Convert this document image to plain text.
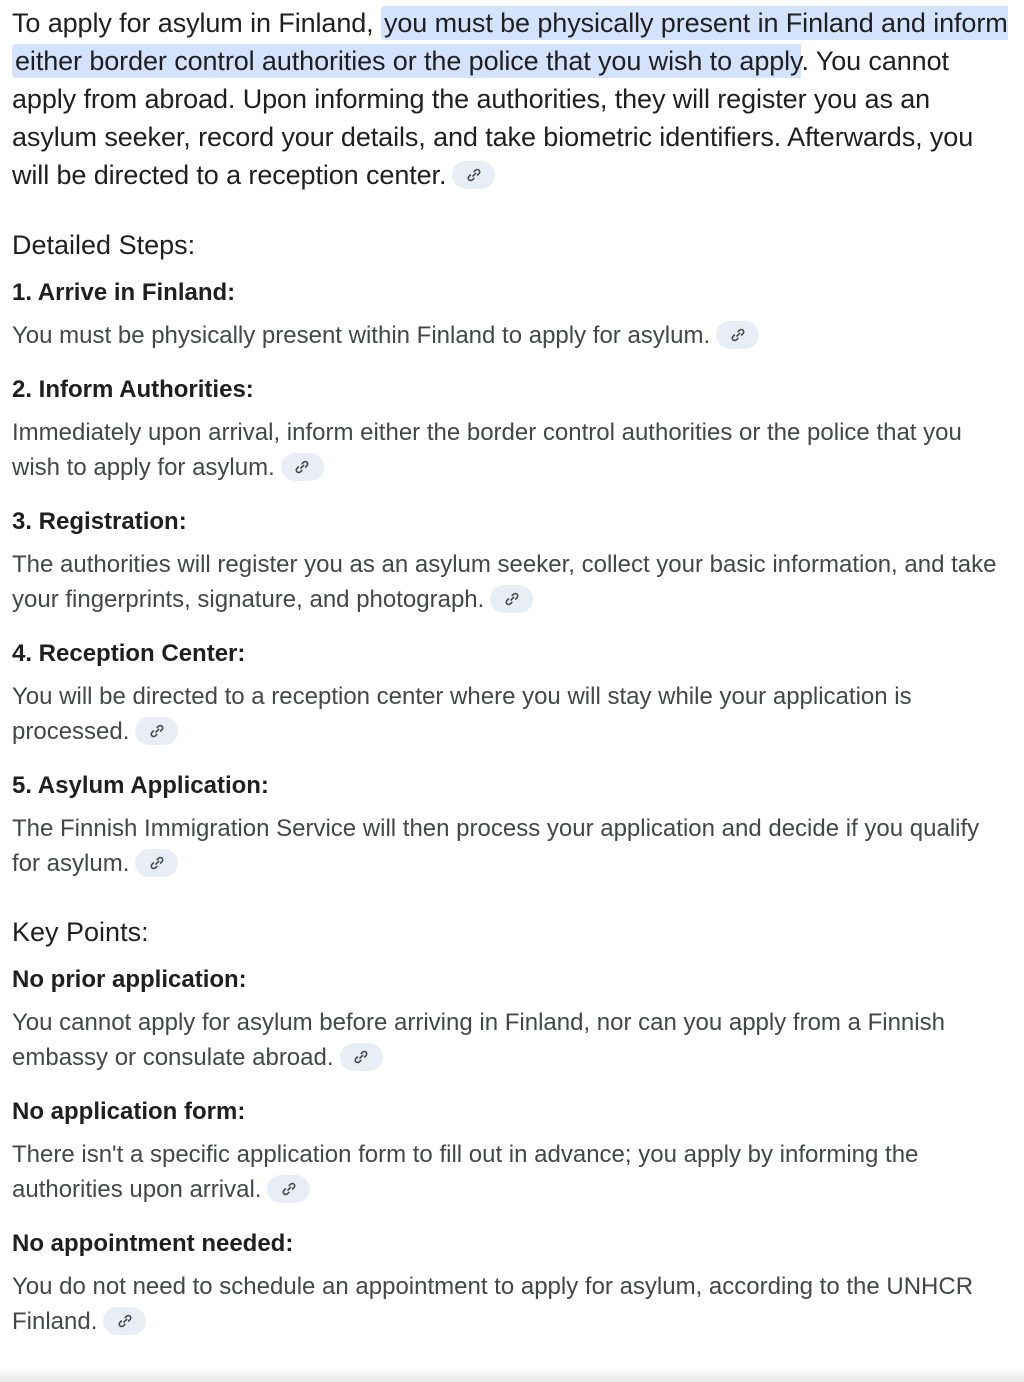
To apply for asylum in Finland, you must be physically present in Finland and inform either border control authorities or the police that you wish to apply. You cannot apply from abroad. Upon informing the authorities, they will register you as an asylum seeker, record your details, and take biometric identifiers. Afterwards, you will be directed to a reception center.

Detailed Steps:

1. Arrive in Finland:

You must be physically present within Finland to apply for asylum.

2. Inform Authorities:

Immediately upon arrival, inform either the border control authorities or the police that you wish to apply for asylum.

3. Registration:

The authorities will register you as an asylum seeker, collect your basic information, and take your fingerprints, signature, and photograph.

4. Reception Center:

You will be directed to a reception center where you will stay while your application is processed.

5. Asylum Application:

The Finnish Immigration Service will then process your application and decide if you qualify for asylum.

Key Points:

No prior application:

You cannot apply for asylum before arriving in Finland, nor can you apply from a Finnish embassy or consulate abroad.

No application form:

There isn't a specific application form to fill out in advance; you apply by informing the authorities upon arrival.

No appointment needed:

You do not need to schedule an appointment to apply for asylum, according to the UNHCR Finland.
